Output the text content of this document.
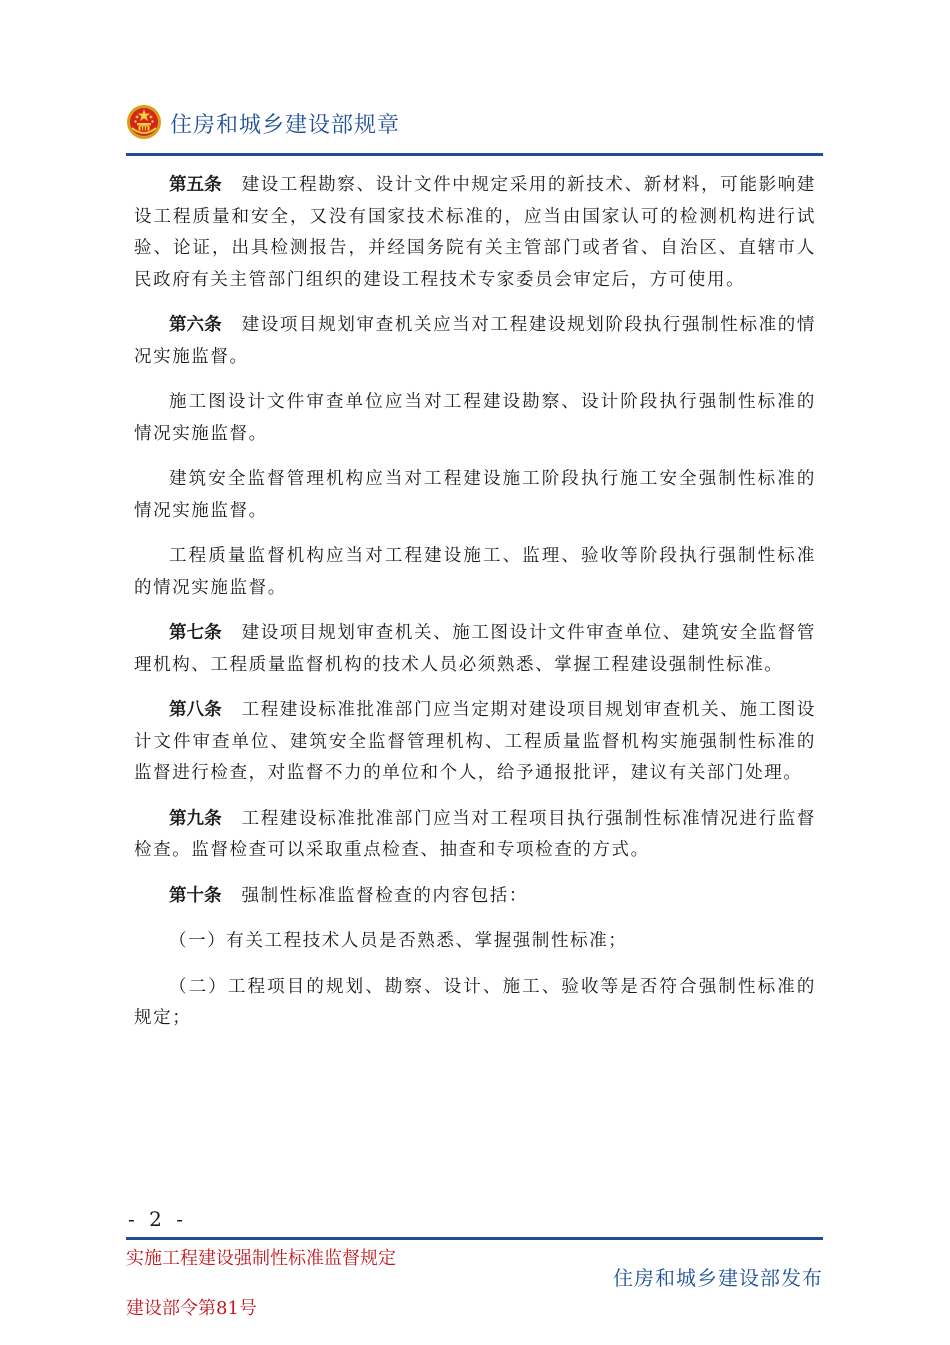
住房和城乡建设部规章

第五条 建设工程勘察、设计文件中规定采用的新技术、新材料，可能影响建设工程质量和安全，又没有国家技术标准的，应当由国家认可的检测机构进行试验、论证，出具检测报告，并经国务院有关主管部门或者省、自治区、直辖市人民政府有关主管部门组织的建设工程技术专家委员会审定后，方可使用。

第六条 建设项目规划审查机关应当对工程建设规划阶段执行强制性标准的情况实施监督。

施工图设计文件审查单位应当对工程建设勘察、设计阶段执行强制性标准的情况实施监督。

建筑安全监督管理机构应当对工程建设施工阶段执行施工安全强制性标准的情况实施监督。

工程质量监督机构应当对工程建设施工、监理、验收等阶段执行强制性标准的情况实施监督。

第七条 建设项目规划审查机关、施工图设计文件审查单位、建筑安全监督管理机构、工程质量监督机构的技术人员必须熟悉、掌握工程建设强制性标准。

第八条 工程建设标准批准部门应当定期对建设项目规划审查机关、施工图设计文件审查单位、建筑安全监督管理机构、工程质量监督机构实施强制性标准的监督进行检查，对监督不力的单位和个人，给予通报批评，建议有关部门处理。

第九条 工程建设标准批准部门应当对工程项目执行强制性标准情况进行监督检查。监督检查可以采取重点检查、抽查和专项检查的方式。

第十条 强制性标准监督检查的内容包括：

（一）有关工程技术人员是否熟悉、掌握强制性标准；

（二）工程项目的规划、勘察、设计、施工、验收等是否符合强制性标准的规定；

- 2 -
实施工程建设强制性标准监督规定
建设部令第81号
住房和城乡建设部发布
